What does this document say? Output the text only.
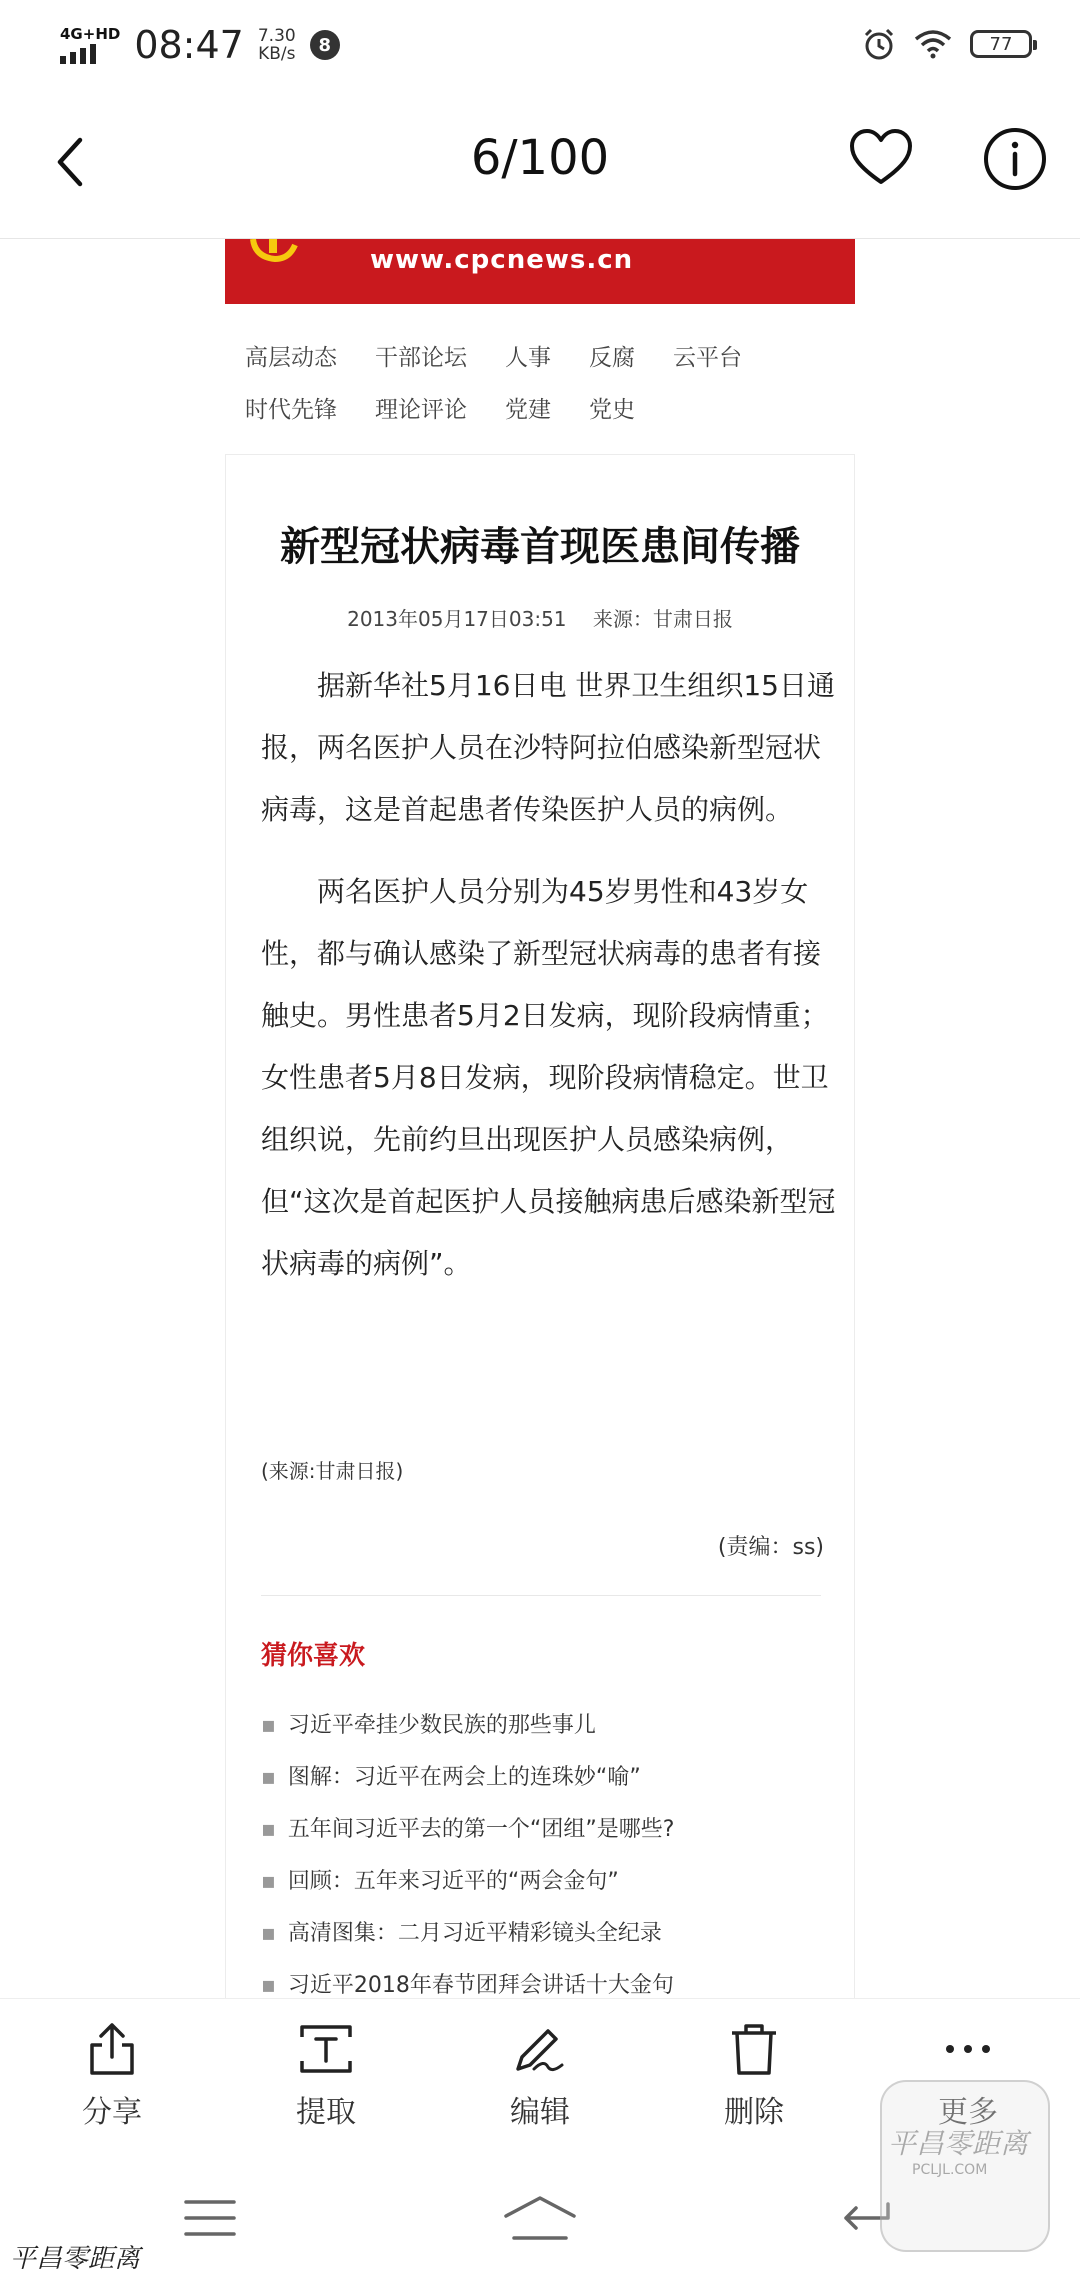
4G+HD 08:47 7.30
KB/s	8	77
6/100
www.cpcnews.cn
高层动态 干部论坛 人事 反腐 云平台
时代先锋 理论评论 党建 党史
新型冠状病毒首现医患间传播
2013年05月17日03:51 来源：甘肃日报

据新华社5月16日电 世界卫生组织15日通报，两名医护人员在沙特阿拉伯感染新型冠状病毒，这是首起患者传染医护人员的病例。

两名医护人员分别为45岁男性和43岁女性，都与确认感染了新型冠状病毒的患者有接触史。男性患者5月2日发病，现阶段病情重；女性患者5月8日发病，现阶段病情稳定。世卫组织说，先前约旦出现医护人员感染病例，但“这次是首起医护人员接触病患后感染新型冠状病毒的病例”。

(来源:甘肃日报)
(责编：ss)
猜你喜欢
▪ 习近平牵挂少数民族的那些事儿
▪ 图解：习近平在两会上的连珠妙“喻”
▪ 五年间习近平去的第一个“团组”是哪些?
▪ 回顾：五年来习近平的“两会金句”
▪ 高清图集：二月习近平精彩镜头全纪录
▪ 习近平2018年春节团拜会讲话十大金句
分享	提取	编辑	删除	更多
平昌零距离
平昌零距离
PCLJL.COM
